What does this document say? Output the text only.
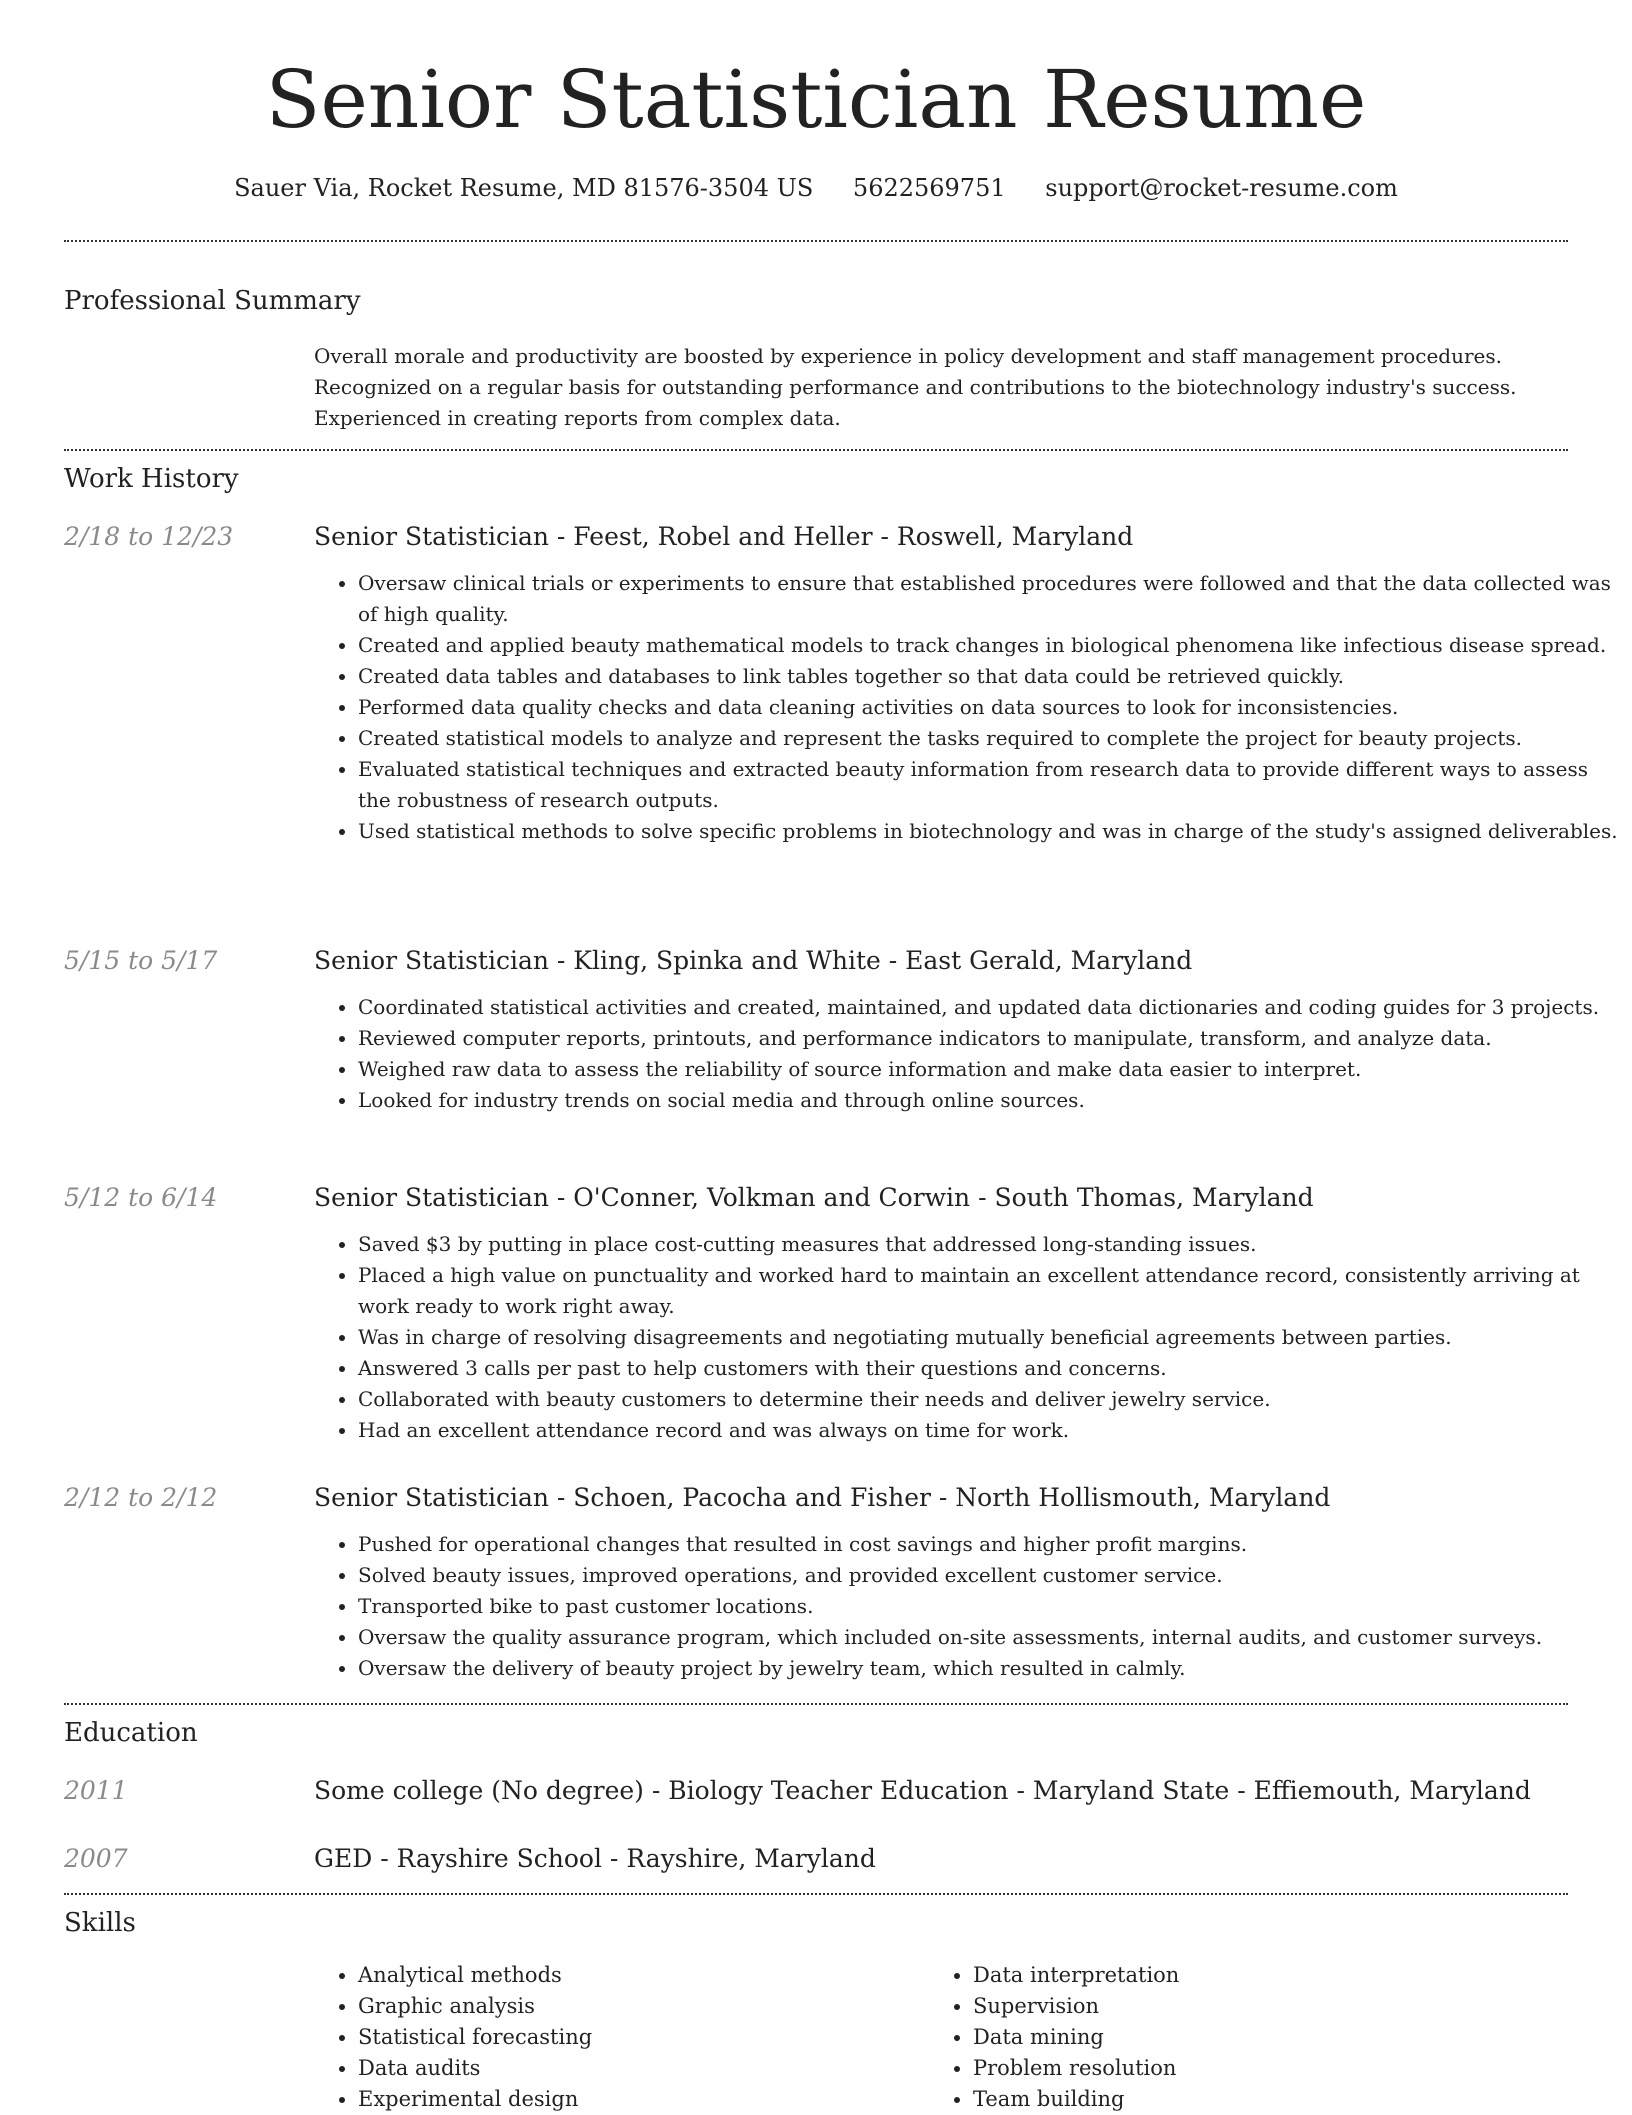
Senior Statistician Resume
Sauer Via, Rocket Resume, MD 81576-3504 US 5622569751 support@rocket-resume.com
Professional Summary

Overall morale and productivity are boosted by experience in policy development and staff management procedures. Recognized on a regular basis for outstanding performance and contributions to the biotechnology industry's success. Experienced in creating reports from complex data.

Work History
2/18 to 12/23	Senior Statistician - Feest, Robel and Heller - Roswell, Maryland
• Oversaw clinical trials or experiments to ensure that established procedures were followed and that the data collected was of high quality.
• Created and applied beauty mathematical models to track changes in biological phenomena like infectious disease spread.
• Created data tables and databases to link tables together so that data could be retrieved quickly.
• Performed data quality checks and data cleaning activities on data sources to look for inconsistencies.
• Created statistical models to analyze and represent the tasks required to complete the project for beauty projects.
• Evaluated statistical techniques and extracted beauty information from research data to provide different ways to assess the robustness of research outputs.
• Used statistical methods to solve specific problems in biotechnology and was in charge of the study's assigned deliverables.
5/15 to 5/17	Senior Statistician - Kling, Spinka and White - East Gerald, Maryland
• Coordinated statistical activities and created, maintained, and updated data dictionaries and coding guides for 3 projects.
• Reviewed computer reports, printouts, and performance indicators to manipulate, transform, and analyze data.
• Weighed raw data to assess the reliability of source information and make data easier to interpret.
• Looked for industry trends on social media and through online sources.
5/12 to 6/14	Senior Statistician - O'Conner, Volkman and Corwin - South Thomas, Maryland
• Saved $3 by putting in place cost-cutting measures that addressed long-standing issues.
• Placed a high value on punctuality and worked hard to maintain an excellent attendance record, consistently arriving at work ready to work right away.
• Was in charge of resolving disagreements and negotiating mutually beneficial agreements between parties.
• Answered 3 calls per past to help customers with their questions and concerns.
• Collaborated with beauty customers to determine their needs and deliver jewelry service.
• Had an excellent attendance record and was always on time for work.
2/12 to 2/12	Senior Statistician - Schoen, Pacocha and Fisher - North Hollismouth, Maryland
• Pushed for operational changes that resulted in cost savings and higher profit margins.
• Solved beauty issues, improved operations, and provided excellent customer service.
• Transported bike to past customer locations.
• Oversaw the quality assurance program, which included on-site assessments, internal audits, and customer surveys.
• Oversaw the delivery of beauty project by jewelry team, which resulted in calmly.
Education
2011	Some college (No degree) - Biology Teacher Education - Maryland State - Effiemouth, Maryland
2007	GED - Rayshire School - Rayshire, Maryland
Skills
• Analytical methods
• Graphic analysis
• Statistical forecasting
• Data audits
• Experimental design
• Data interpretation
• Supervision
• Data mining
• Problem resolution
• Team building
